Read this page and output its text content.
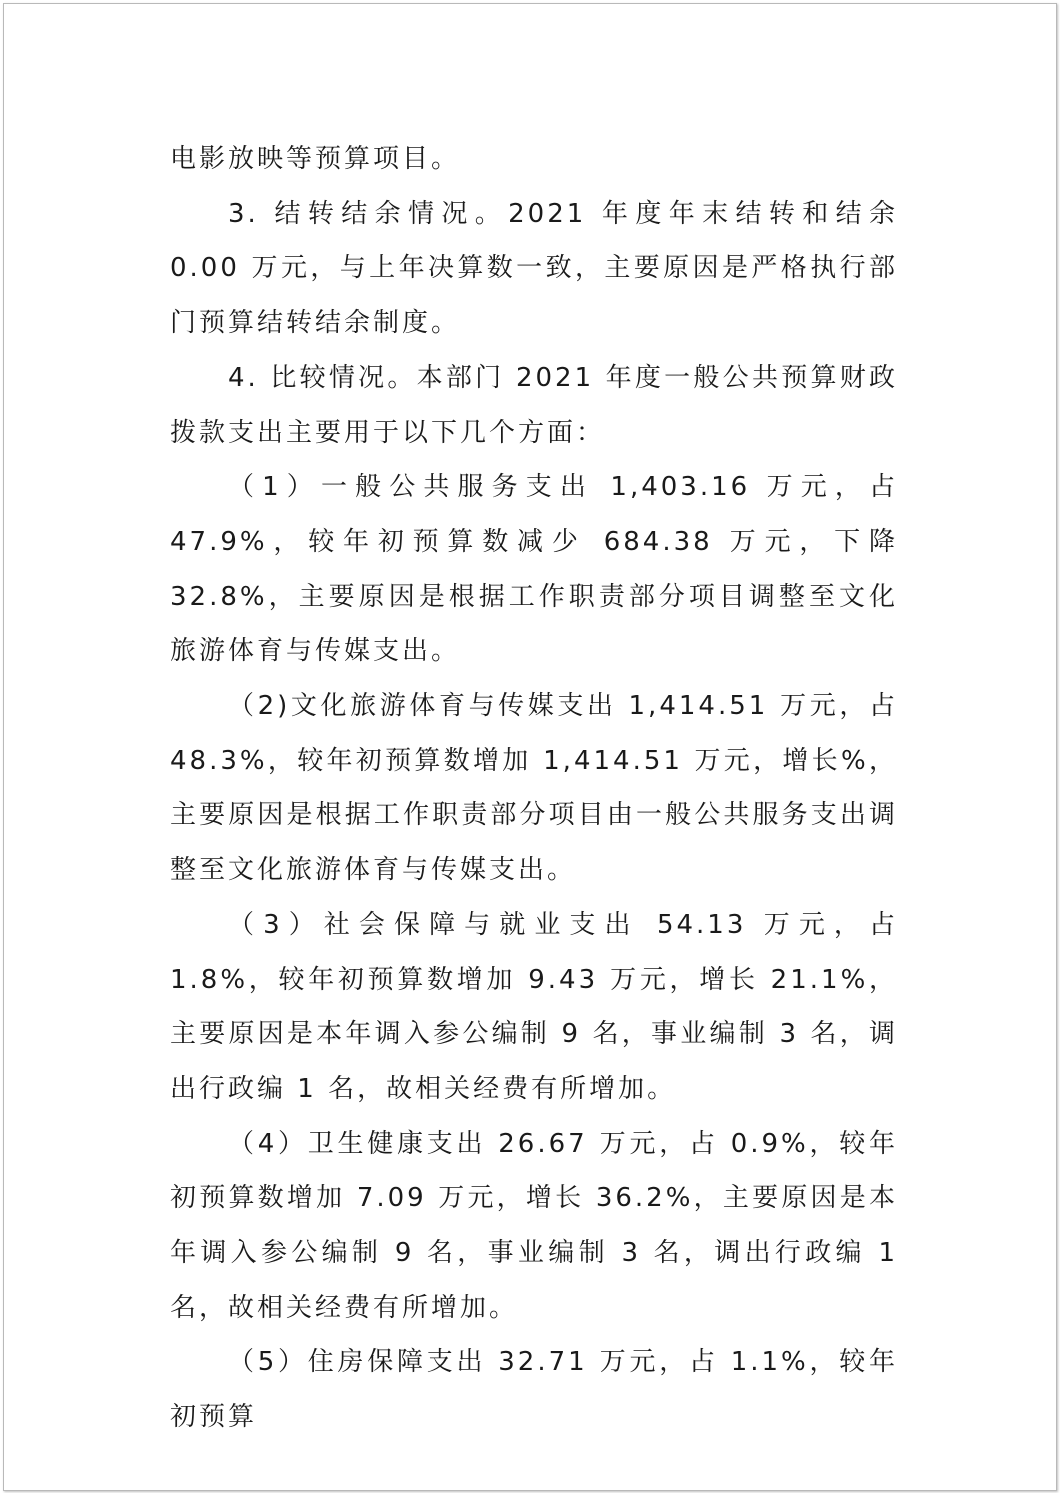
电影放映等预算项目。

3. 结转结余情况。2021 年度年末结转和结余 0.00 万元，与上年决算数一致，主要原因是严格执行部门预算结转结余制度。

4. 比较情况。本部门 2021 年度一般公共预算财政拨款支出主要用于以下几个方面：

（1）一般公共服务支出 1,403.16 万元，占 47.9%，较年初预算数减少 684.38 万元，下降 32.8%，主要原因是根据工作职责部分项目调整至文化旅游体育与传媒支出。

（2)文化旅游体育与传媒支出 1,414.51 万元，占 48.3%，较年初预算数增加 1,414.51 万元，增长%，主要原因是根据工作职责部分项目由一般公共服务支出调整至文化旅游体育与传媒支出。

（3）社会保障与就业支出 54.13 万元，占 1.8%，较年初预算数增加 9.43 万元，增长 21.1%，主要原因是本年调入参公编制 9 名，事业编制 3 名，调出行政编 1 名，故相关经费有所增加。

（4）卫生健康支出 26.67 万元，占 0.9%，较年初预算数增加 7.09 万元，增长 36.2%，主要原因是本年调入参公编制 9 名，事业编制 3 名，调出行政编 1 名，故相关经费有所增加。

（5）住房保障支出 32.71 万元，占 1.1%，较年初预算
